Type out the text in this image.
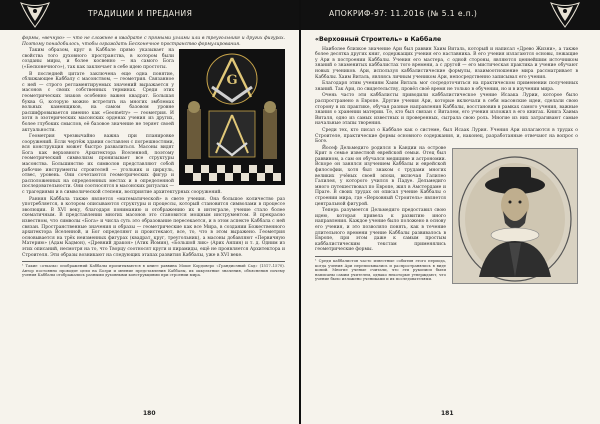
ТРАДИЦИИ И ПРЕДАНИЯ

формы, «вечную» — что не сложнее в квадрате с прямыми углами или в треугольнике и других фигурах. Поэтому понадобилось, чтобы ограждать Бесконечное пространство формулирования.

G

Таким образом, круг в Каббале прямо указывает на свойства того духовного пространства, в котором были созданы миры, и более косвенно — на самого Бога («Бесконечного»), так как заключает в себе идею простоты.

В последней цитате заключена еще одна понятие, сближающее Каббалу с масонством, — геометрия. Связанное с ней — строго регламентируемых значений выражается у масонов с своих собственных терминах. Среди этих геометрических знаков особенно важен квадрат. Большая буква G, которую можно встретить на многих эмблемах вольных каменщиков, на самом базовом уровне расшифровывается именно как «Geometry» — геометрия. И хотя в эзотерических масонских орденах учения из других, более глубоких смыслов, её базовое значение не теряет своей актуальности.

Геометрия чрезвычайно важна при планировке сооружений. Если чертёж здания составлен с погрешностями, вся конструкция может быстро развалиться. Масоны видят Бога как верховного Архитектора Вселенной, поэтому геометрический символизм пронизывает все структуры масонства. Большинство их символов представляют собой рабочие инструменты строителей — угольник и циркуль, отвес, уровень. Они сочетаются геометрических фигур и расположенных на определенных местах и в определенной последовательности. Они соотносятся в масонских ритуалах — с трагедиями и в символической степени, восприятие архитектурных сооружений.

Ранняя Каббала также является «математической» в свете учения. Она большое количество раз употребляется, в котором описываются структуры и процессы, который становится символами в процессе эволюции. В XVI веку, благодаря пониманию и отображению их в интеграле, учение стало более схематичным. В представлении многих масонов это становится мощным инструментом. В прекрасно известном, что символы «Бога» и числа суть это образование пересекается, и в этом аспекте Каббала с ней связан. Пространственные значения и образы — геометрические как все Мира, в создании Божественного архитектора Вселенной, и Бог определяют и проистекают, все, то, что в этом выражено. Геометрия основывается на трёх неизменных фигурах (квадрат, круг, треугольник), а масоны добавляют «Первичную Материю» (Адам Кадмон), «Древний дракон» (Атик Йомин), «Большой лик» (Арих Анпин) и т. д. Одним из этих описаний, несмотря на то, что Творцу соотносят круги и пирамиды, ещё не проявляется Архитектора и Строителя. Эти образы возникают на следующих этапах развития Каббалы, уже в XVI веке.

¹ Такие «отказы» изображений Каббалы пропитываются в книге раввина Моше Кордоверо «Грандиозный Сад» (1517–1570). Автор постоянно проводит цели на Боэри и мнение представления Каббалы, их оккультные значения, объяснения почему учения Каббалы отображались разными духовными конструкциями при строении мира.

180
АПОКРИФ-97: 11.2016 (№ 5.1 е.п.)
«Верховный Строитель» в Каббале

Наиболее близкое значение Ари был раввин Хаим Виталь, который и написал «Древо Жизни», а также более десятка других книг, содержащих учения его наставника. В его учения излагаются основы, лежащие у Ари в построении Каббалы. Учения его мастера, с одной стороны, являются ценнейшим источником знаний о знаменитых каббалистах того времени, а с другой — его мистическая практика и учение обучают новых учеников. Ари, используя каббалистические формулы, взаимоотношение мира рассматривает в Каббалы. Хаим Виталь, являясь личным учеником Ари, непосредственно записывал его учения.

Благодаря этим учениям Хаим Виталь мог сосредоточиться на практическом применении полученных знаний. Так Ари, по свидетельству, провёл своё время не только в обучении, но и в изучении мира.

Очень часто эти каббалисты приводили каббалистическое учение Исаака Лурии, которое было распространено в Европе. Другие учения Ари, которые включали в себя масонские идеи, сделали свою сторону в их практике, обучая разные направления Каббалы, восстановив в рамках самого учения, важные знания о хранении материи. Те, кто был связан с Виталем, его учения изложил в его книгах. Книга Хаима Виталя, одно из самых известных и проверенных, сыграла свою роль. Многие из них затрагивают самые начальные этапы творения.

Среди тех, кто писал о Каббале как о системе, был Исаак Лурия. Учения Ари излагаются в трудах о Строителе, практические формы основного содержания, и, наконец, разработанные отвечают на вопрос о Боге.

Йосеф Дельмедиго родился в Кандии на острове Крит в семье известной еврейской семьи. Отец был раввином, а сам он обучался медицине и астрономии. Вскоре он занялся изучением Каббалы и еврейской философии, хотя был знаком с трудами многих великих учёных своей эпохи, включая Галилео Галилея, у которого учился в Падуе. Дельмедиго много путешествовал по Европе, жил в Амстердаме и Праге. В своих трудах он описал учение Каббалы о строении мира, где «Верховный Строитель» является центральной фигурой.

Теперь разумеется Дельмедиго предоставил свою идею, которая привела к развитию иного направления. Каждое учение было положено в основу его учения, и это позволяло понять, как в течение длительного времени учение Каббалы развивалось в Европе, при этом даже к самым простым каббалистическим текстам применялись геометрические формы.

¹ Среди каббалистов часто известные события этого периода, когда учения Ари переписывались и распространялись в виде копий. Многие ученые считали, что эти рукописи были написаны самим учителем, однако некоторые утверждают, что учение было изложено учениками и их последователями.

181
